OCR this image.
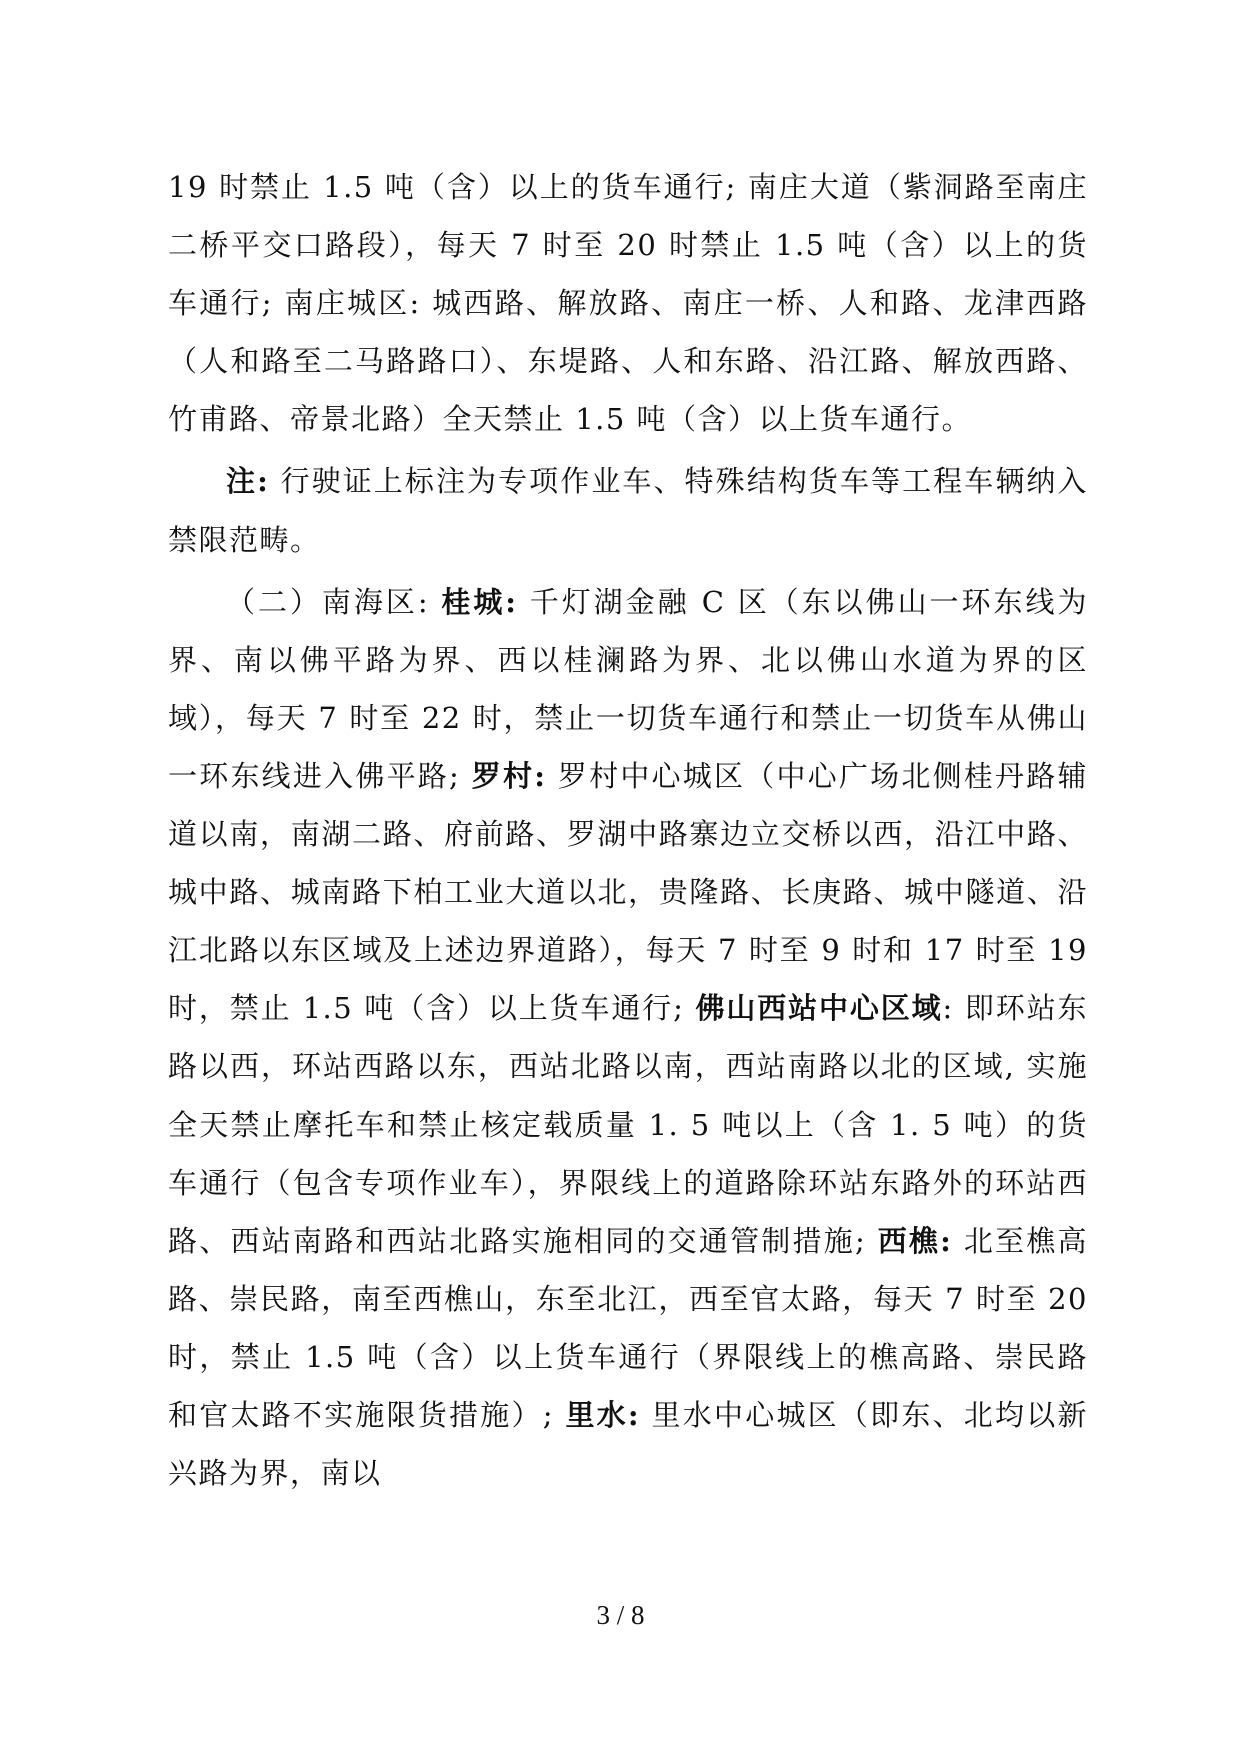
19 时禁止 1.5 吨（含）以上的货车通行; 南庄大道（紫洞路至南庄二桥平交口路段），每天 7 时至 20 时禁止 1.5 吨（含）以上的货车通行; 南庄城区: 城西路、解放路、南庄一桥、人和路、龙津西路（人和路至二马路路口）、东堤路、人和东路、沿江路、解放西路、竹甫路、帝景北路）全天禁止 1.5 吨（含）以上货车通行。

注: 行驶证上标注为专项作业车、特殊结构货车等工程车辆纳入禁限范畴。

（二）南海区: 桂城: 千灯湖金融 C 区（东以佛山一环东线为界、南以佛平路为界、西以桂澜路为界、北以佛山水道为界的区域），每天 7 时至 22 时，禁止一切货车通行和禁止一切货车从佛山一环东线进入佛平路; 罗村: 罗村中心城区（中心广场北侧桂丹路辅道以南，南湖二路、府前路、罗湖中路寨边立交桥以西，沿江中路、城中路、城南路下柏工业大道以北，贵隆路、长庚路、城中隧道、沿江北路以东区域及上述边界道路），每天 7 时至 9 时和 17 时至 19 时，禁止 1.5 吨（含）以上货车通行; 佛山西站中心区域: 即环站东路以西，环站西路以东，西站北路以南，西站南路以北的区域, 实施全天禁止摩托车和禁止核定载质量 1. 5 吨以上（含 1. 5 吨）的货车通行（包含专项作业车），界限线上的道路除环站东路外的环站西路、西站南路和西站北路实施相同的交通管制措施; 西樵: 北至樵高路、崇民路，南至西樵山，东至北江，西至官太路，每天 7 时至 20 时，禁止 1.5 吨（含）以上货车通行（界限线上的樵高路、崇民路和官太路不实施限货措施）; 里水: 里水中心城区（即东、北均以新兴路为界，南以

3 / 8
